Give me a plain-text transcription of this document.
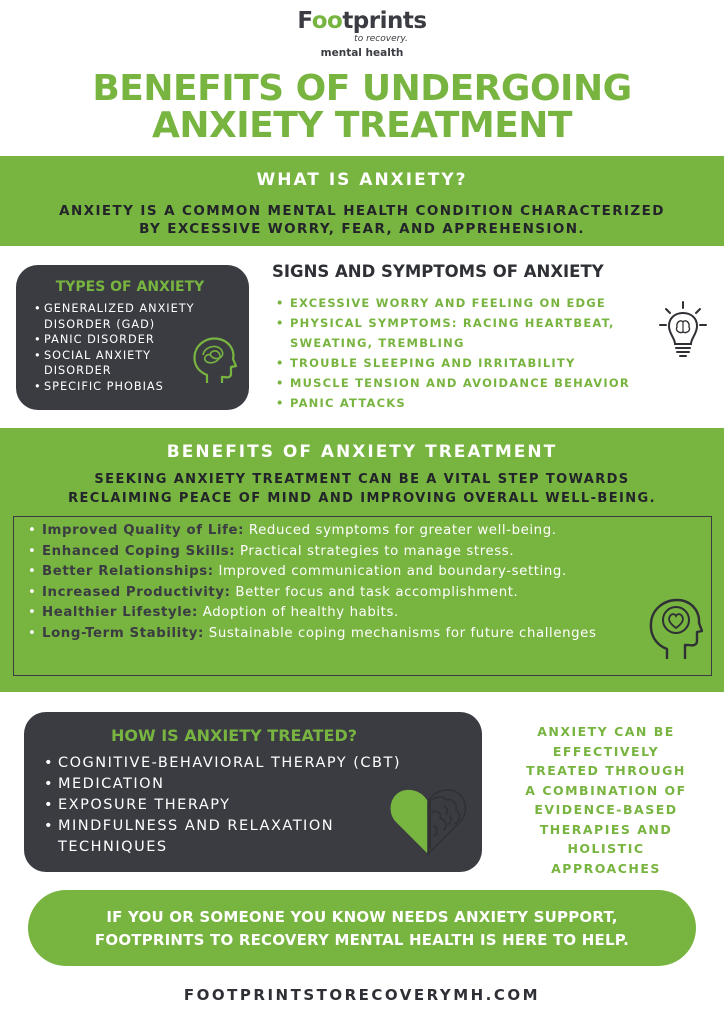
Footprints
to recovery.
mental health
BENEFITS OF UNDERGOING
ANXIETY TREATMENT
WHAT IS ANXIETY?
ANXIETY IS A COMMON MENTAL HEALTH CONDITION CHARACTERIZED
BY EXCESSIVE WORRY, FEAR, AND APPREHENSION.
TYPES OF ANXIETY
• GENERALIZED ANXIETY DISORDER (GAD)
• PANIC DISORDER
• SOCIAL ANXIETY DISORDER
• SPECIFIC PHOBIAS
SIGNS AND SYMPTOMS OF ANXIETY
• EXCESSIVE WORRY AND FEELING ON EDGE
• PHYSICAL SYMPTOMS: RACING HEARTBEAT, SWEATING, TREMBLING
• TROUBLE SLEEPING AND IRRITABILITY
• MUSCLE TENSION AND AVOIDANCE BEHAVIOR
• PANIC ATTACKS
BENEFITS OF ANXIETY TREATMENT
SEEKING ANXIETY TREATMENT CAN BE A VITAL STEP TOWARDS
RECLAIMING PEACE OF MIND AND IMPROVING OVERALL WELL-BEING.
• Improved Quality of Life: Reduced symptoms for greater well-being.
• Enhanced Coping Skills: Practical strategies to manage stress.
• Better Relationships: Improved communication and boundary-setting.
• Increased Productivity: Better focus and task accomplishment.
• Healthier Lifestyle: Adoption of healthy habits.
• Long-Term Stability: Sustainable coping mechanisms for future challenges
HOW IS ANXIETY TREATED?
• COGNITIVE-BEHAVIORAL THERAPY (CBT)
• MEDICATION
• EXPOSURE THERAPY
• MINDFULNESS AND RELAXATION TECHNIQUES
ANXIETY CAN BE
EFFECTIVELY
TREATED THROUGH
A COMBINATION OF
EVIDENCE-BASED
THERAPIES AND
HOLISTIC
APPROACHES
IF YOU OR SOMEONE YOU KNOW NEEDS ANXIETY SUPPORT,
FOOTPRINTS TO RECOVERY MENTAL HEALTH IS HERE TO HELP.
FOOTPRINTSTORECOVERYMH.COM
